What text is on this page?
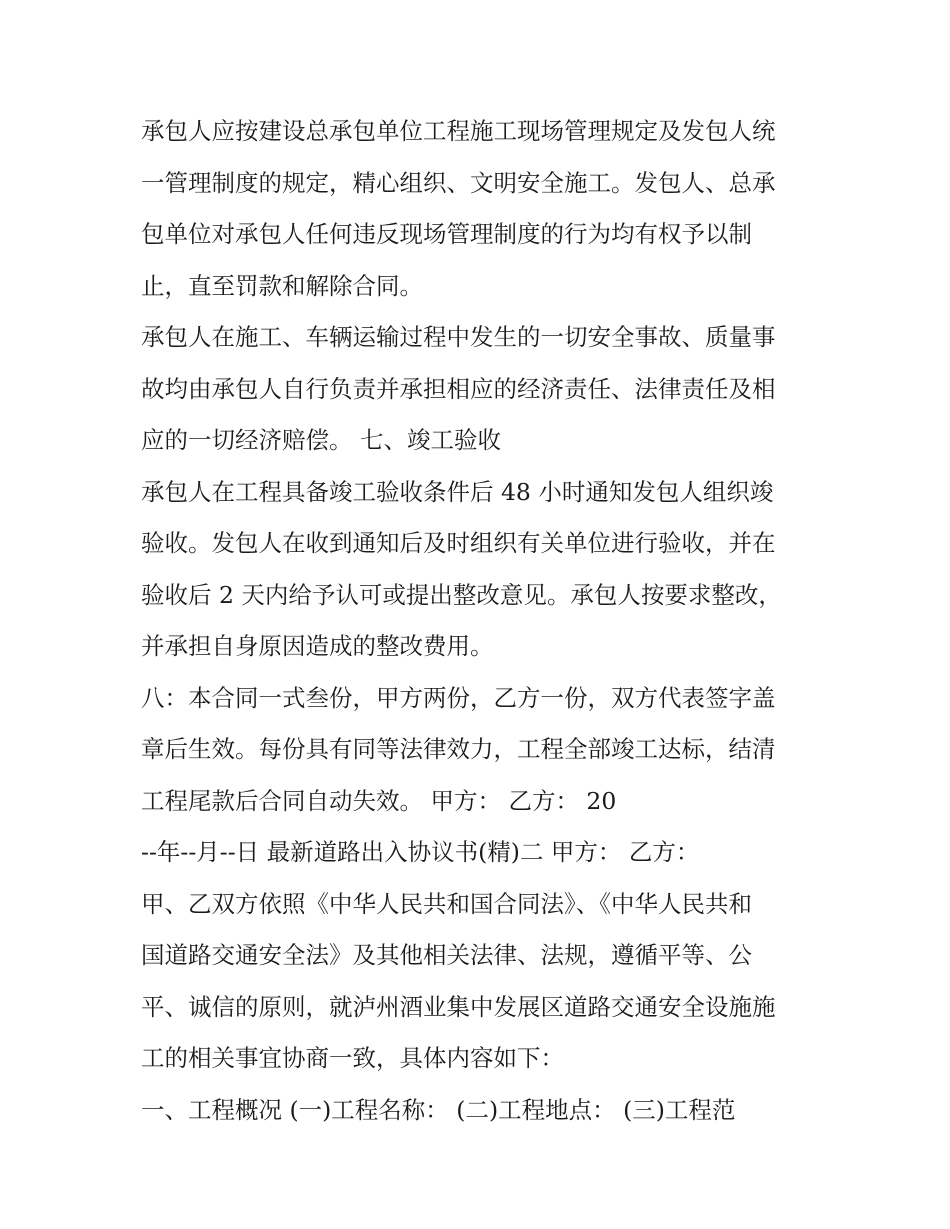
承包人应按建设总承包单位工程施工现场管理规定及发包人统
一管理制度的规定，精心组织、文明安全施工。发包人、总承
包单位对承包人任何违反现场管理制度的行为均有权予以制
止，直至罚款和解除合同。
承包人在施工、车辆运输过程中发生的一切安全事故、质量事
故均由承包人自行负责并承担相应的经济责任、法律责任及相
应的一切经济赔偿。 七、竣工验收
承包人在工程具备竣工验收条件后 48 小时通知发包人组织竣
验收。发包人在收到通知后及时组织有关单位进行验收，并在
验收后 2 天内给予认可或提出整改意见。承包人按要求整改，
并承担自身原因造成的整改费用。
八：本合同一式叁份，甲方两份，乙方一份，双方代表签字盖
章后生效。每份具有同等法律效力，工程全部竣工达标，结清
工程尾款后合同自动失效。 甲方： 乙方： 20
--年--月--日 最新道路出入协议书(精)二 甲方： 乙方：
甲、乙双方依照《中华人民共和国合同法》、《中华人民共和
国道路交通安全法》及其他相关法律、法规，遵循平等、公
平、诚信的原则，就泸州酒业集中发展区道路交通安全设施施
工的相关事宜协商一致，具体内容如下：
一、工程概况 (一)工程名称： (二)工程地点： (三)工程范
